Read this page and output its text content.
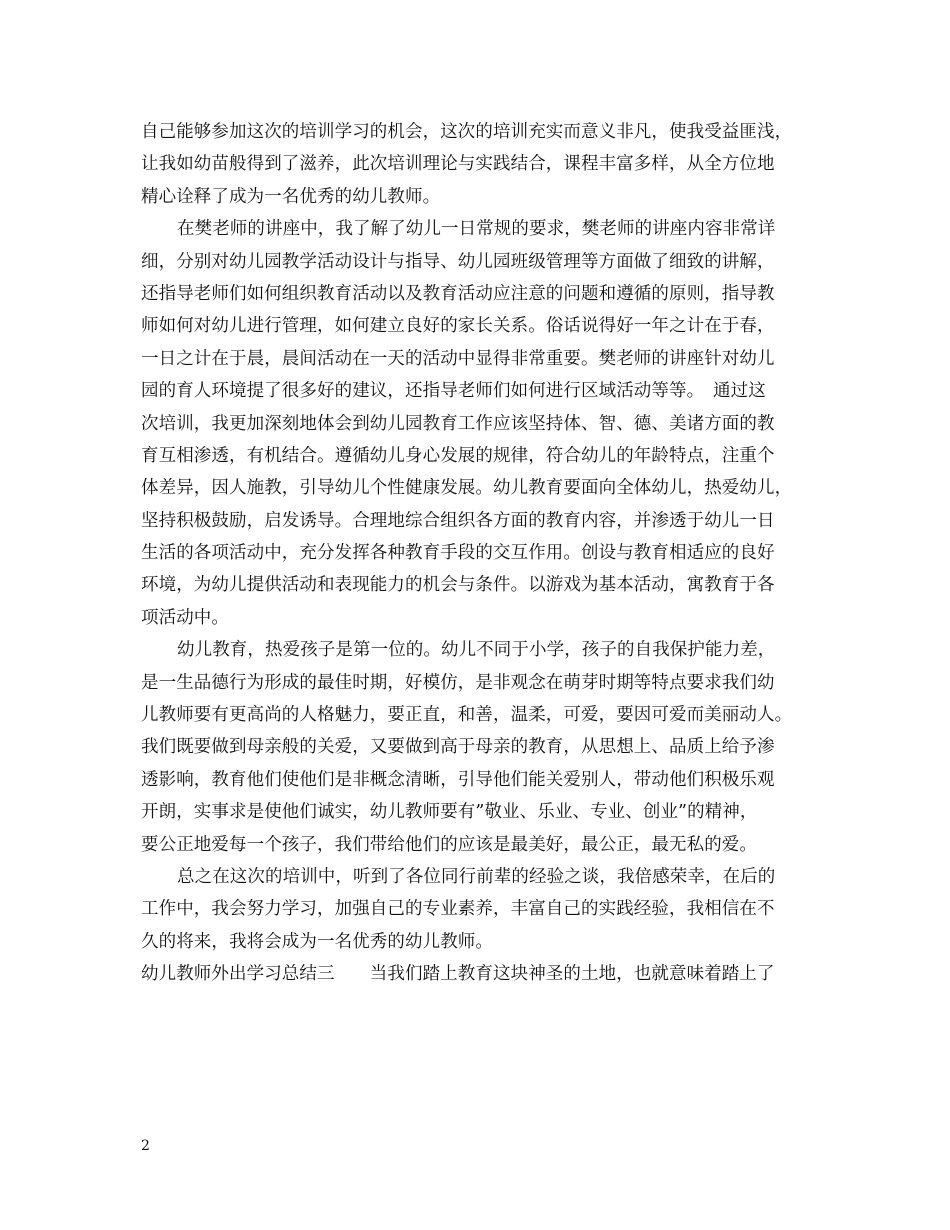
自己能够参加这次的培训学习的机会，这次的培训充实而意义非凡，使我受益匪浅，
让我如幼苗般得到了滋养，此次培训理论与实践结合，课程丰富多样，从全方位地
精心诠释了成为一名优秀的幼儿教师。
在樊老师的讲座中，我了解了幼儿一日常规的要求，樊老师的讲座内容非常详
细，分别对幼儿园教学活动设计与指导、幼儿园班级管理等方面做了细致的讲解，
还指导老师们如何组织教育活动以及教育活动应注意的问题和遵循的原则，指导教
师如何对幼儿进行管理，如何建立良好的家长关系。俗话说得好一年之计在于春，
一日之计在于晨，晨间活动在一天的活动中显得非常重要。樊老师的讲座针对幼儿
园的育人环境提了很多好的建议，还指导老师们如何进行区域活动等等。　通过这
次培训，我更加深刻地体会到幼儿园教育工作应该坚持体、智、德、美诸方面的教
育互相渗透，有机结合。遵循幼儿身心发展的规律，符合幼儿的年龄特点，注重个
体差异，因人施教，引导幼儿个性健康发展。幼儿教育要面向全体幼儿，热爱幼儿，
坚持积极鼓励，启发诱导。合理地综合组织各方面的教育内容，并渗透于幼儿一日
生活的各项活动中，充分发挥各种教育手段的交互作用。创设与教育相适应的良好
环境，为幼儿提供活动和表现能力的机会与条件。以游戏为基本活动，寓教育于各
项活动中。
幼儿教育，热爱孩子是第一位的。幼儿不同于小学，孩子的自我保护能力差，
是一生品德行为形成的最佳时期，好模仿，是非观念在萌芽时期等特点要求我们幼
儿教师要有更高尚的人格魅力，要正直，和善，温柔，可爱，要因可爱而美丽动人。
我们既要做到母亲般的关爱，又要做到高于母亲的教育，从思想上、品质上给予渗
透影响，教育他们使他们是非概念清晰，引导他们能关爱别人，带动他们积极乐观
开朗，实事求是使他们诚实，幼儿教师要有”敬业、乐业、专业、创业”的精神，
要公正地爱每一个孩子，我们带给他们的应该是最美好，最公正，最无私的爱。
总之在这次的培训中，听到了各位同行前辈的经验之谈，我倍感荣幸，在后的
工作中，我会努力学习，加强自己的专业素养，丰富自己的实践经验，我相信在不
久的将来，我将会成为一名优秀的幼儿教师。
幼儿教师外出学习总结三　　当我们踏上教育这块神圣的土地，也就意味着踏上了
2
